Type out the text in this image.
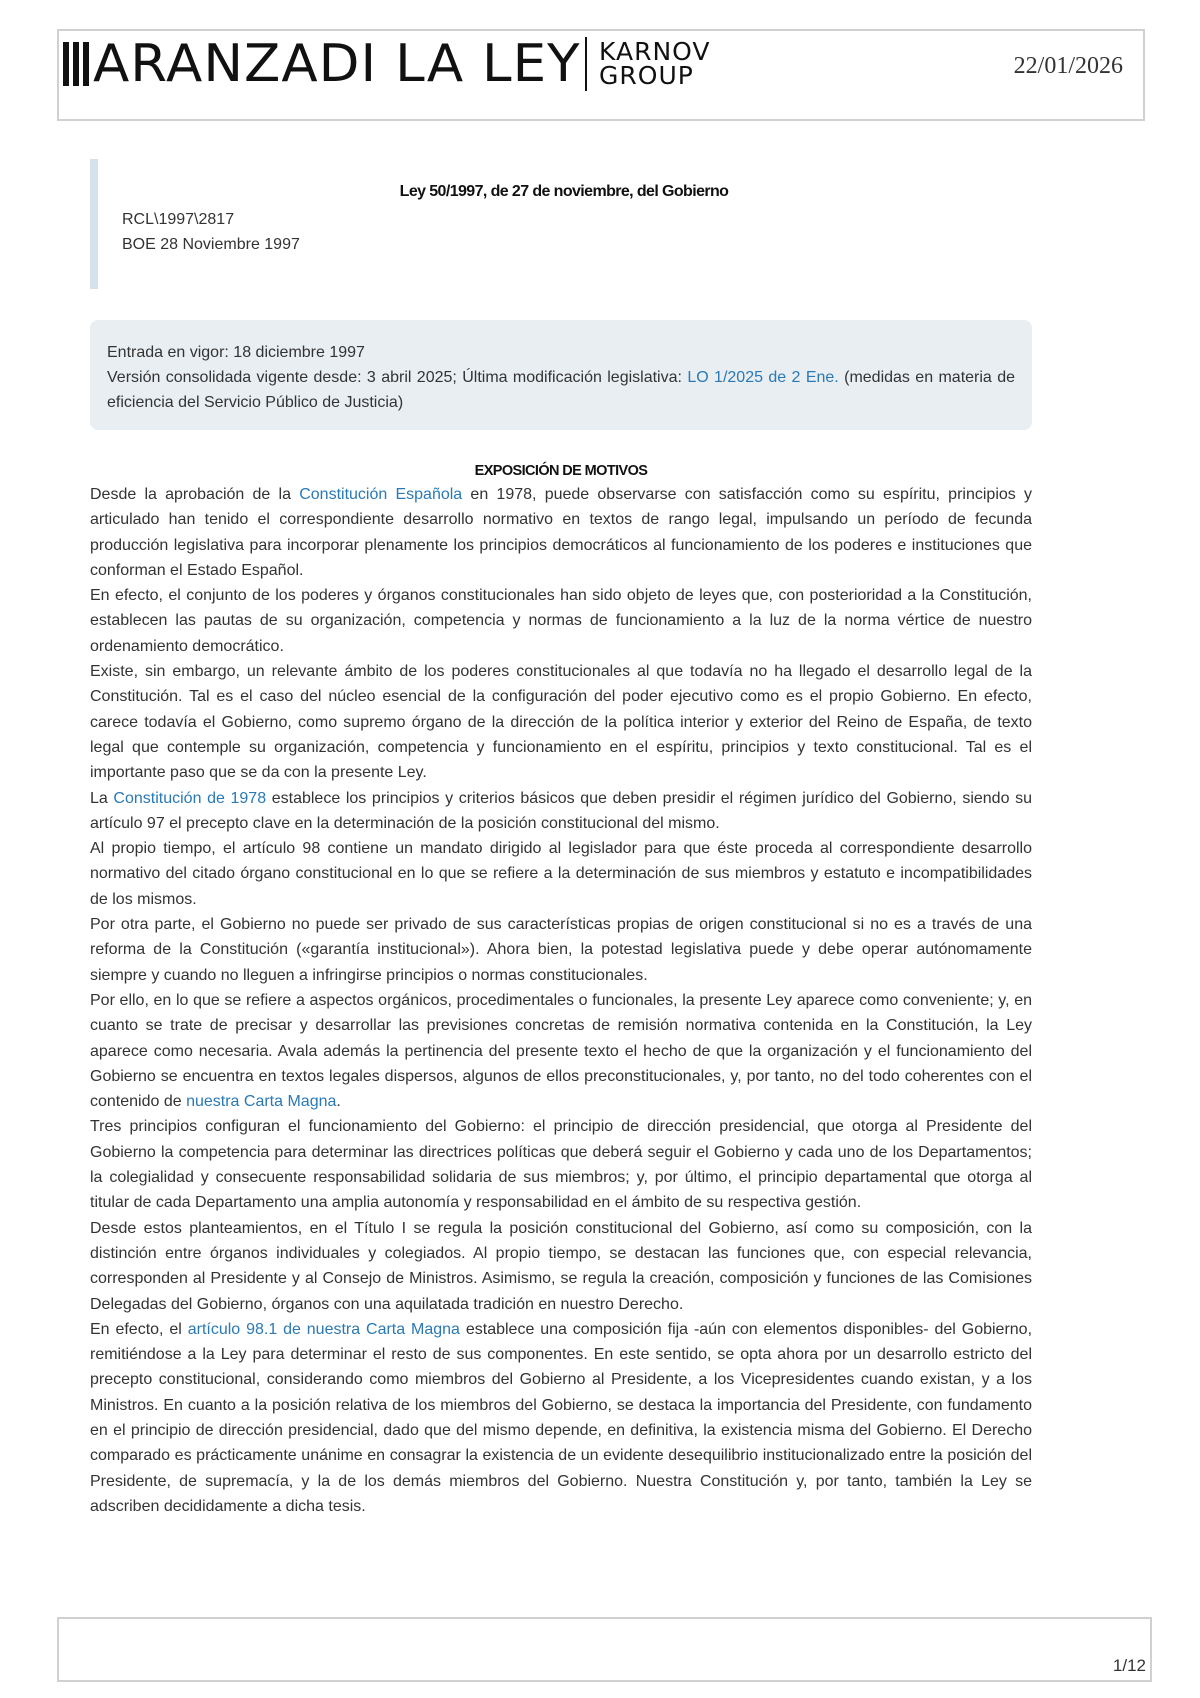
ARANZADI LA LEY KARNOV
GROUP	22/01/2026
Ley 50/1997, de 27 de noviembre, del Gobierno
RCL\1997\2817
BOE 28 Noviembre 1997

Entrada en vigor: 18 diciembre 1997

Versión consolidada vigente desde: 3 abril 2025; Última modificación legislativa: LO 1/2025 de 2 Ene. (medidas en materia de eficiencia del Servicio Público de Justicia)

EXPOSICIÓN DE MOTIVOS

Desde la aprobación de la Constitución Española en 1978, puede observarse con satisfacción como su espíritu, principios y articulado han tenido el correspondiente desarrollo normativo en textos de rango legal, impulsando un período de fecunda producción legislativa para incorporar plenamente los principios democráticos al funcionamiento de los poderes e instituciones que conforman el Estado Español.

En efecto, el conjunto de los poderes y órganos constitucionales han sido objeto de leyes que, con posterioridad a la Constitución, establecen las pautas de su organización, competencia y normas de funcionamiento a la luz de la norma vértice de nuestro ordenamiento democrático.

Existe, sin embargo, un relevante ámbito de los poderes constitucionales al que todavía no ha llegado el desarrollo legal de la Constitución. Tal es el caso del núcleo esencial de la configuración del poder ejecutivo como es el propio Gobierno. En efecto, carece todavía el Gobierno, como supremo órgano de la dirección de la política interior y exterior del Reino de España, de texto legal que contemple su organización, competencia y funcionamiento en el espíritu, principios y texto constitucional. Tal es el importante paso que se da con la presente Ley.

La Constitución de 1978 establece los principios y criterios básicos que deben presidir el régimen jurídico del Gobierno, siendo su artículo 97 el precepto clave en la determinación de la posición constitucional del mismo.

Al propio tiempo, el artículo 98 contiene un mandato dirigido al legislador para que éste proceda al correspondiente desarrollo normativo del citado órgano constitucional en lo que se refiere a la determinación de sus miembros y estatuto e incompatibilidades de los mismos.

Por otra parte, el Gobierno no puede ser privado de sus características propias de origen constitucional si no es a través de una reforma de la Constitución («garantía institucional»). Ahora bien, la potestad legislativa puede y debe operar autónomamente siempre y cuando no lleguen a infringirse principios o normas constitucionales.

Por ello, en lo que se refiere a aspectos orgánicos, procedimentales o funcionales, la presente Ley aparece como conveniente; y, en cuanto se trate de precisar y desarrollar las previsiones concretas de remisión normativa contenida en la Constitución, la Ley aparece como necesaria. Avala además la pertinencia del presente texto el hecho de que la organización y el funcionamiento del Gobierno se encuentra en textos legales dispersos, algunos de ellos preconstitucionales, y, por tanto, no del todo coherentes con el contenido de nuestra Carta Magna.

Tres principios configuran el funcionamiento del Gobierno: el principio de dirección presidencial, que otorga al Presidente del Gobierno la competencia para determinar las directrices políticas que deberá seguir el Gobierno y cada uno de los Departamentos; la colegialidad y consecuente responsabilidad solidaria de sus miembros; y, por último, el principio departamental que otorga al titular de cada Departamento una amplia autonomía y responsabilidad en el ámbito de su respectiva gestión.

Desde estos planteamientos, en el Título I se regula la posición constitucional del Gobierno, así como su composición, con la distinción entre órganos individuales y colegiados. Al propio tiempo, se destacan las funciones que, con especial relevancia, corresponden al Presidente y al Consejo de Ministros. Asimismo, se regula la creación, composición y funciones de las Comisiones Delegadas del Gobierno, órganos con una aquilatada tradición en nuestro Derecho.

En efecto, el artículo 98.1 de nuestra Carta Magna establece una composición fija -aún con elementos disponibles- del Gobierno, remitiéndose a la Ley para determinar el resto de sus componentes. En este sentido, se opta ahora por un desarrollo estricto del precepto constitucional, considerando como miembros del Gobierno al Presidente, a los Vicepresidentes cuando existan, y a los Ministros. En cuanto a la posición relativa de los miembros del Gobierno, se destaca la importancia del Presidente, con fundamento en el principio de dirección presidencial, dado que del mismo depende, en definitiva, la existencia misma del Gobierno. El Derecho comparado es prácticamente unánime en consagrar la existencia de un evidente desequilibrio institucionalizado entre la posición del Presidente, de supremacía, y la de los demás miembros del Gobierno. Nuestra Constitución y, por tanto, también la Ley se adscriben decididamente a dicha tesis.

1/12
